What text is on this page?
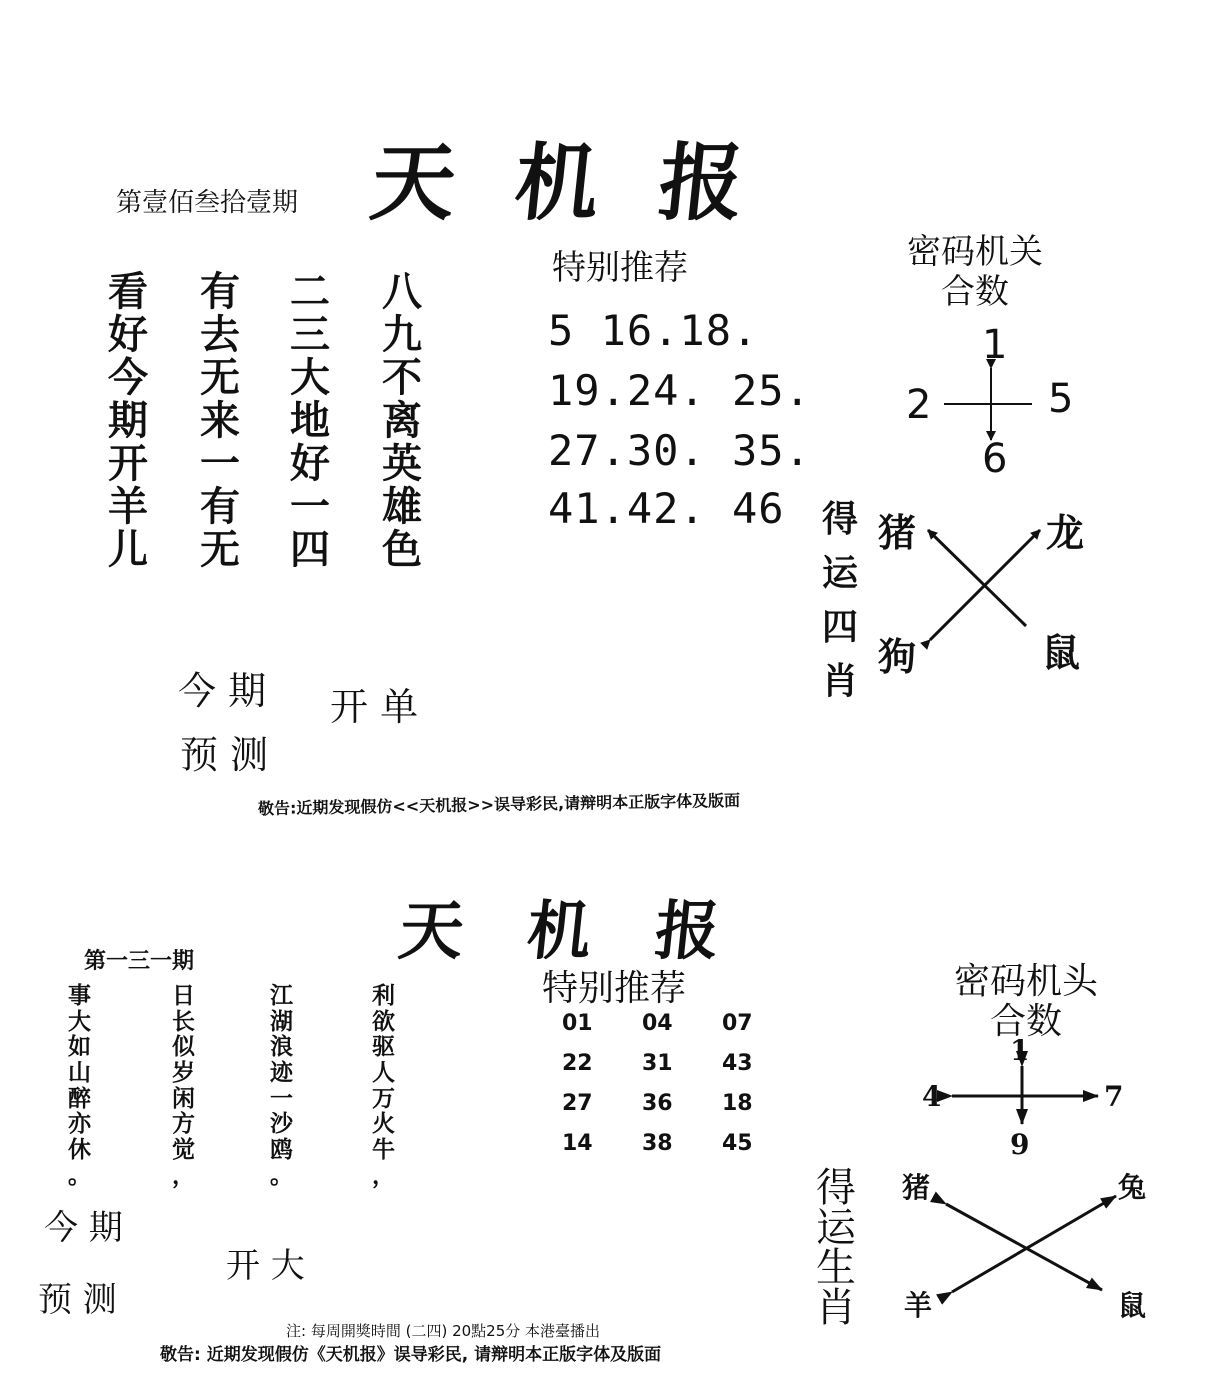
天机报
第壹佰叁拾壹期
看
好
今
期
开
羊
儿
有
去
无
来
一
有
无
二
三
大
地
好
一
四
八
九
不
离
英
雄
色
特别推荐
5 16.18.
19.24. 25.
27.30. 35.
41.42. 46
密码机关
合数
1
2	5
6
得
运
四
肖
猪	龙
狗	鼠
今 期
预 测
开 单
敬告:近期发现假仿<<天机报>>误导彩民,请辩明本正版字体及版面
天机报
第一三一期
事
大
如
山
醉
亦
休
。
日
长
似
岁
闲
方
觉
，
江
湖
浪
迹
一
沙
鸥
。
利
欲
驱
人
万
火
牛
，
特别推荐
01	04	07
22	31	43
27	36	18
14	38	45
密码机头
合数
1
4	7
9
得
运
生
肖
猪	兔
羊	鼠
今 期
预 测
开 大
注: 每周開獎時間 (二四) 20點25分 本港臺播出
敬告: 近期发现假仿《天机报》误导彩民, 请辩明本正版字体及版面
